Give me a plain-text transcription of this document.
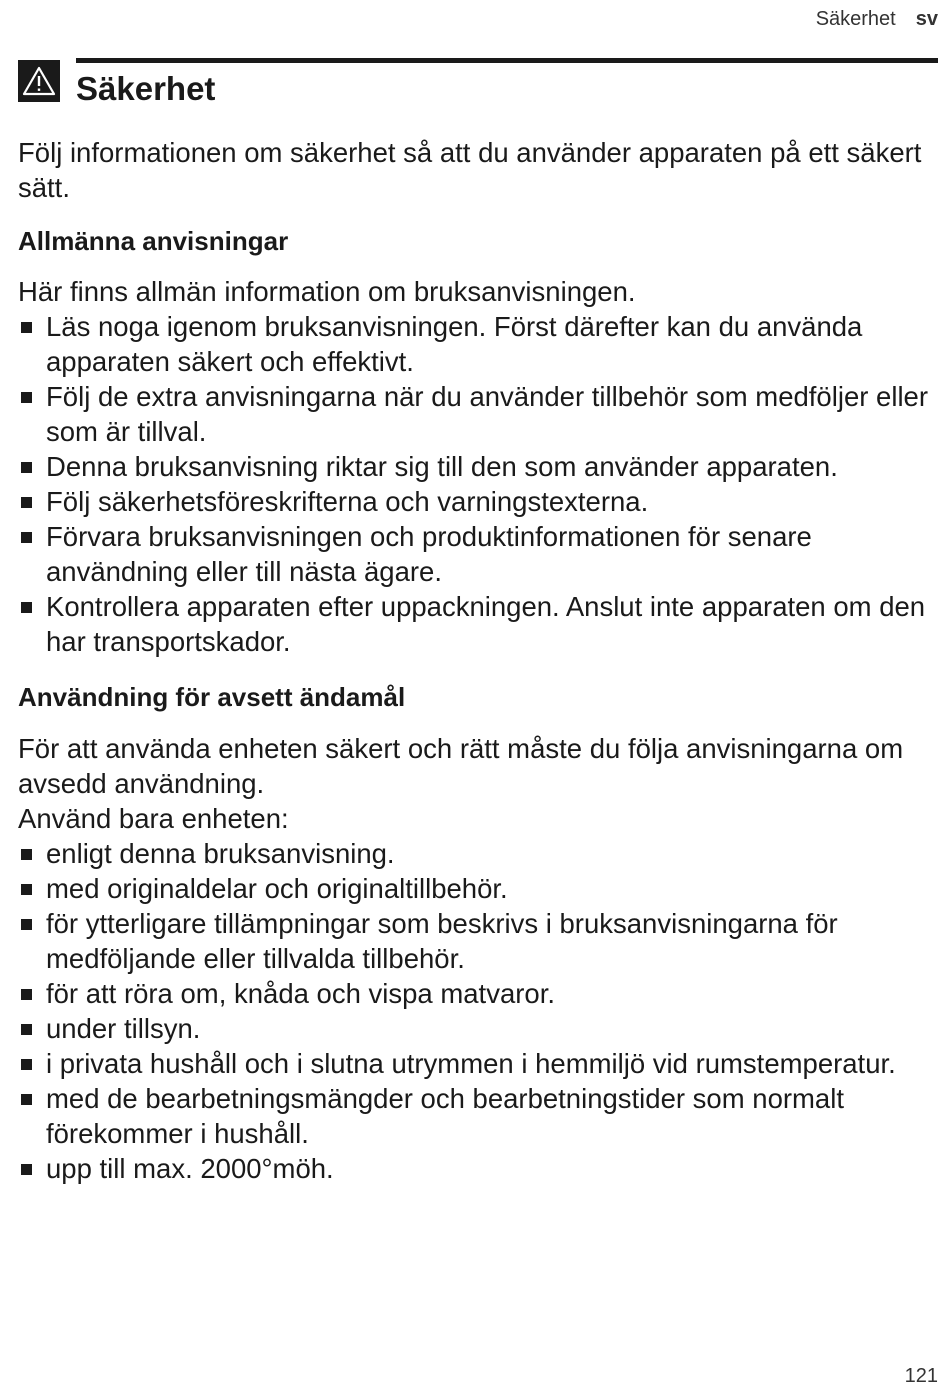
Säkerhet sv
Säkerhet

Följ informationen om säkerhet så att du använder apparaten på ett säkert sätt.

Allmänna anvisningar

Här finns allmän information om bruksanvisningen.

Läs noga igenom bruksanvisningen. Först därefter kan du använda apparaten säkert och effektivt.
Följ de extra anvisningarna när du använder tillbehör som medföljer eller som är tillval.
Denna bruksanvisning riktar sig till den som använder apparaten.
Följ säkerhetsföreskrifterna och varningstexterna.
Förvara bruksanvisningen och produktinformationen för senare användning eller till nästa ägare.
Kontrollera apparaten efter uppackningen. Anslut inte apparaten om den har transportskador.
Användning för avsett ändamål

För att använda enheten säkert och rätt måste du följa anvisningarna om avsedd användning.

Använd bara enheten:

enligt denna bruksanvisning.
med originaldelar och originaltillbehör.
för ytterligare tillämpningar som beskrivs i bruksanvisningarna för medföljande eller tillvalda tillbehör.
för att röra om, knåda och vispa matvaror.
under tillsyn.
i privata hushåll och i slutna utrymmen i hemmiljö vid rumstemperatur.
med de bearbetningsmängder och bearbetningstider som normalt förekommer i hushåll.
upp till max. 2000°möh.
121
